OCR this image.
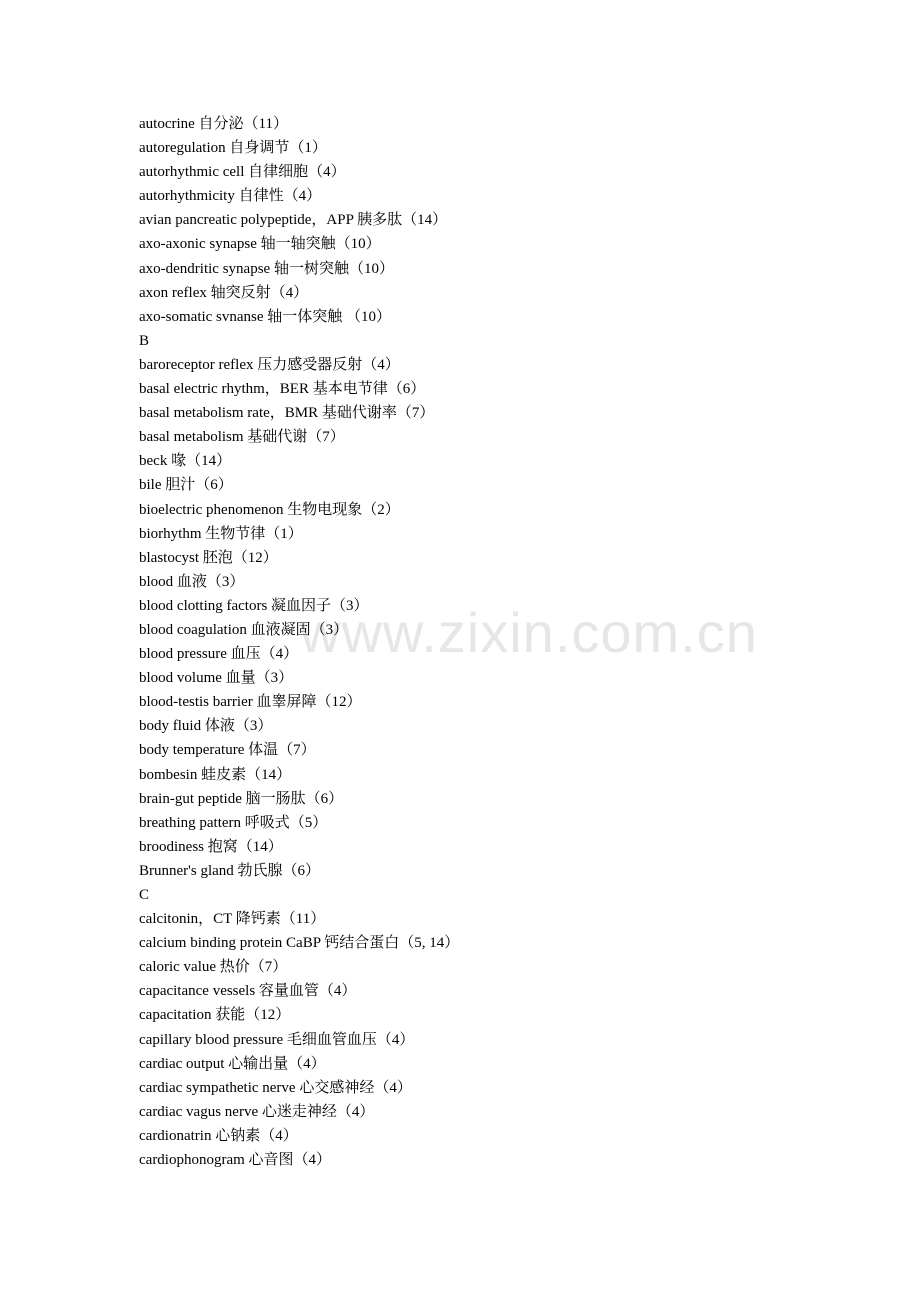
www.zixin.com.cn
autocrine 自分泌（11）
autoregulation 自身调节（1）
autorhythmic cell 自律细胞（4）
autorhythmicity 自律性（4）
avian pancreatic polypeptide，APP 胰多肽（14）
axo-axonic synapse 轴一轴突触（10）
axo-dendritic synapse 轴一树突触（10）
axon reflex 轴突反射（4）
axo-somatic svnanse 轴一体突触 （10）
B
baroreceptor reflex 压力感受器反射（4）
basal electric rhythm，BER 基本电节律（6）
basal metabolism rate，BMR 基础代谢率（7）
basal metabolism 基础代谢（7）
beck 喙（14）
bile 胆汁（6）
bioelectric phenomenon 生物电现象（2）
biorhythm 生物节律（1）
blastocyst 胚泡（12）
blood 血液（3）
blood clotting factors 凝血因子（3）
blood coagulation 血液凝固（3）
blood pressure 血压（4）
blood volume 血量（3）
blood-testis barrier 血睾屏障（12）
body fluid 体液（3）
body temperature 体温（7）
bombesin 蛙皮素（14）
brain-gut peptide 脑一肠肽（6）
breathing pattern 呼吸式（5）
broodiness 抱窝（14）
Brunner's gland 勃氏腺（6）
C
calcitonin，CT 降钙素（11）
calcium binding protein CaBP 钙结合蛋白（5, 14）
caloric value 热价（7）
capacitance vessels 容量血管（4）
capacitation 获能（12）
capillary blood pressure 毛细血管血压（4）
cardiac output 心输出量（4）
cardiac sympathetic nerve 心交感神经（4）
cardiac vagus nerve 心迷走神经（4）
cardionatrin 心钠素（4）
cardiophonogram 心音图（4）
